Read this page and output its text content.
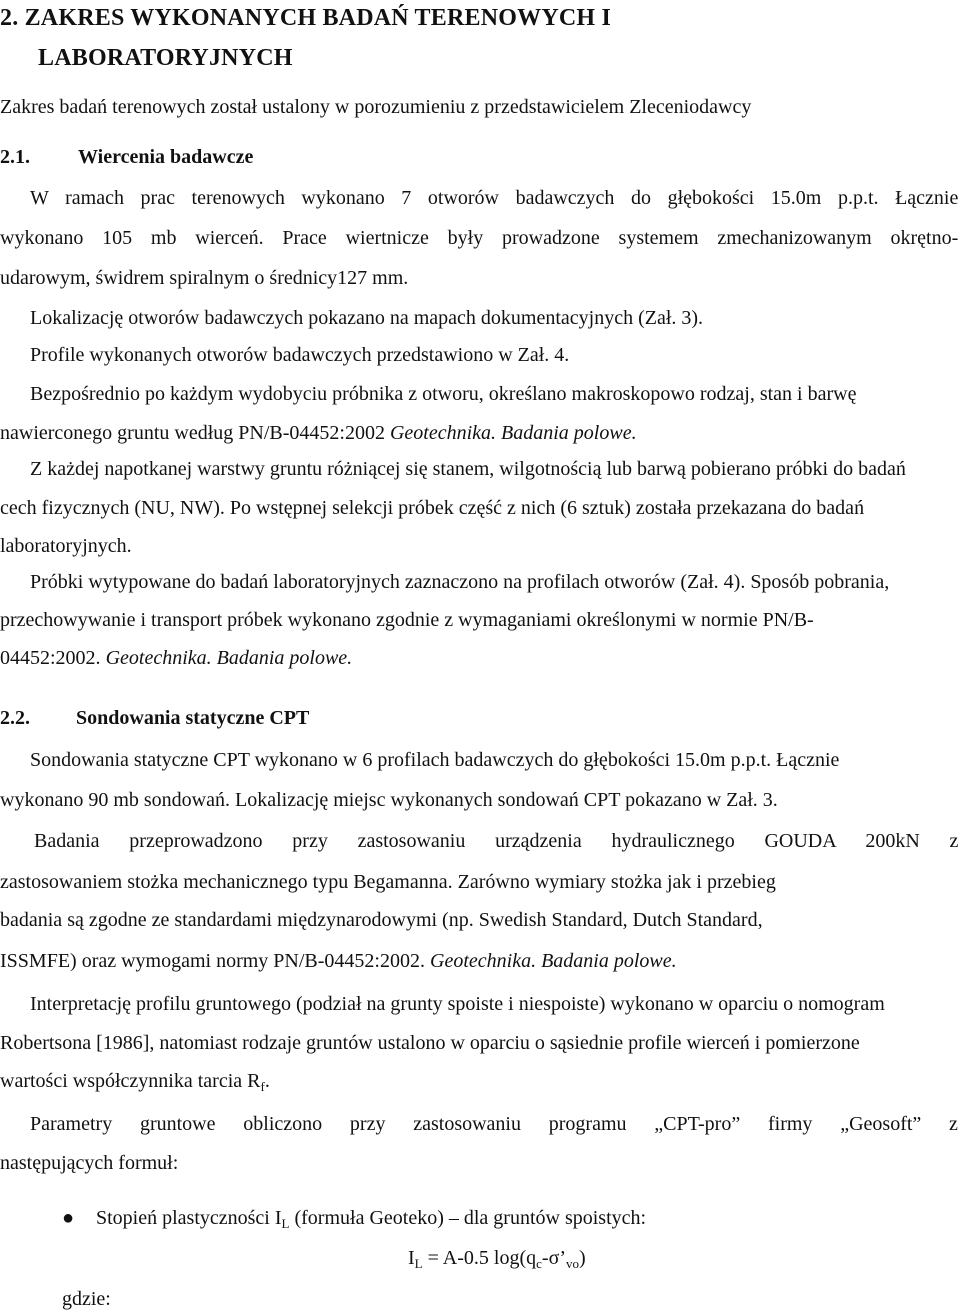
2. ZAKRES WYKONANYCH BADAŃ TERENOWYCH I
LABORATORYJNYCH
Zakres badań terenowych został ustalony w porozumieniu z przedstawicielem Zleceniodawcy
2.1. Wiercenia badawcze
W ramach prac terenowych wykonano 7 otworów badawczych do głębokości 15.0m p.p.t. Łącznie
wykonano 105 mb wierceń. Prace wiertnicze były prowadzone systemem zmechanizowanym okrętno-
udarowym, świdrem spiralnym o średnicy127 mm.
Lokalizację otworów badawczych pokazano na mapach dokumentacyjnych (Zał. 3).
Profile wykonanych otworów badawczych przedstawiono w Zał. 4.
Bezpośrednio po każdym wydobyciu próbnika z otworu, określano makroskopowo rodzaj, stan i barwę
nawierconego gruntu według PN/B-04452:2002 Geotechnika. Badania polowe.
Z każdej napotkanej warstwy gruntu różniącej się stanem, wilgotnością lub barwą pobierano próbki do badań
cech fizycznych (NU, NW). Po wstępnej selekcji próbek część z nich (6 sztuk) została przekazana do badań
laboratoryjnych.
Próbki wytypowane do badań laboratoryjnych zaznaczono na profilach otworów (Zał. 4). Sposób pobrania,
przechowywanie i transport próbek wykonano zgodnie z wymaganiami określonymi w normie PN/B-
04452:2002. Geotechnika. Badania polowe.
2.2. Sondowania statyczne CPT
Sondowania statyczne CPT wykonano w 6 profilach badawczych do głębokości 15.0m p.p.t. Łącznie
wykonano 90 mb sondowań. Lokalizację miejsc wykonanych sondowań CPT pokazano w Zał. 3.
Badania przeprowadzono przy zastosowaniu urządzenia hydraulicznego GOUDA 200kN z
zastosowaniem stożka mechanicznego typu Begamanna. Zarówno wymiary stożka jak i przebieg
badania są zgodne ze standardami międzynarodowymi (np. Swedish Standard, Dutch Standard,
ISSMFE) oraz wymogami normy PN/B-04452:2002. Geotechnika. Badania polowe.
Interpretację profilu gruntowego (podział na grunty spoiste i niespoiste) wykonano w oparciu o nomogram
Robertsona [1986], natomiast rodzaje gruntów ustalono w oparciu o sąsiednie profile wierceń i pomierzone
wartości współczynnika tarcia $R_f$.
Parametry gruntowe obliczono przy zastosowaniu programu „CPT-pro” firmy „Geosoft” z
następujących formuł:
● Stopień plastyczności $I_L$ (formuła Geoteko) – dla gruntów spoistych:
$I_L = A-0.5$ $\log(q_c-\sigma’_{vo})$
gdzie:
